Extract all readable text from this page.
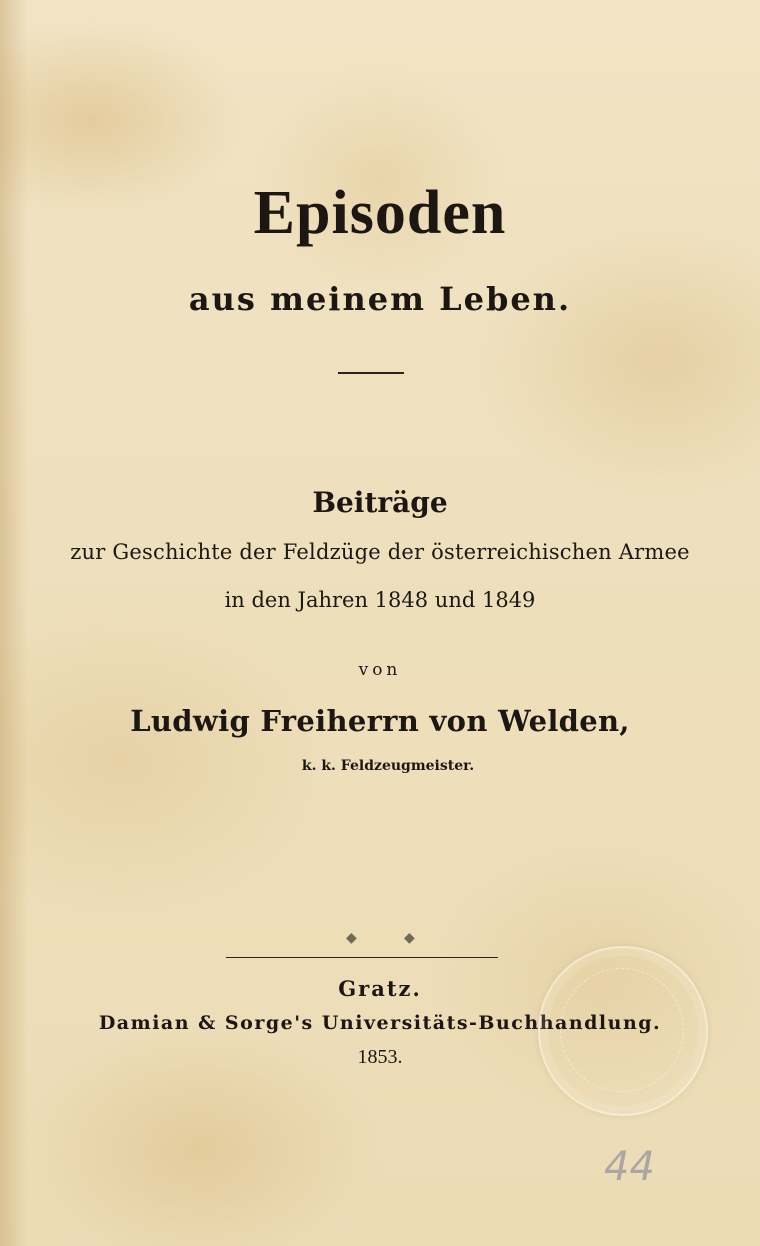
Episoden
aus meinem Leben.
Beiträge
zur Geschichte der Feldzüge der österreichischen Armee
in den Jahren 1848 und 1849
von
Ludwig Freiherrn von Welden,
k. k. Feldzeugmeister.
◆	◆
Gratz.
Damian & Sorge's Universitäts-Buchhandlung.
1853.
44
